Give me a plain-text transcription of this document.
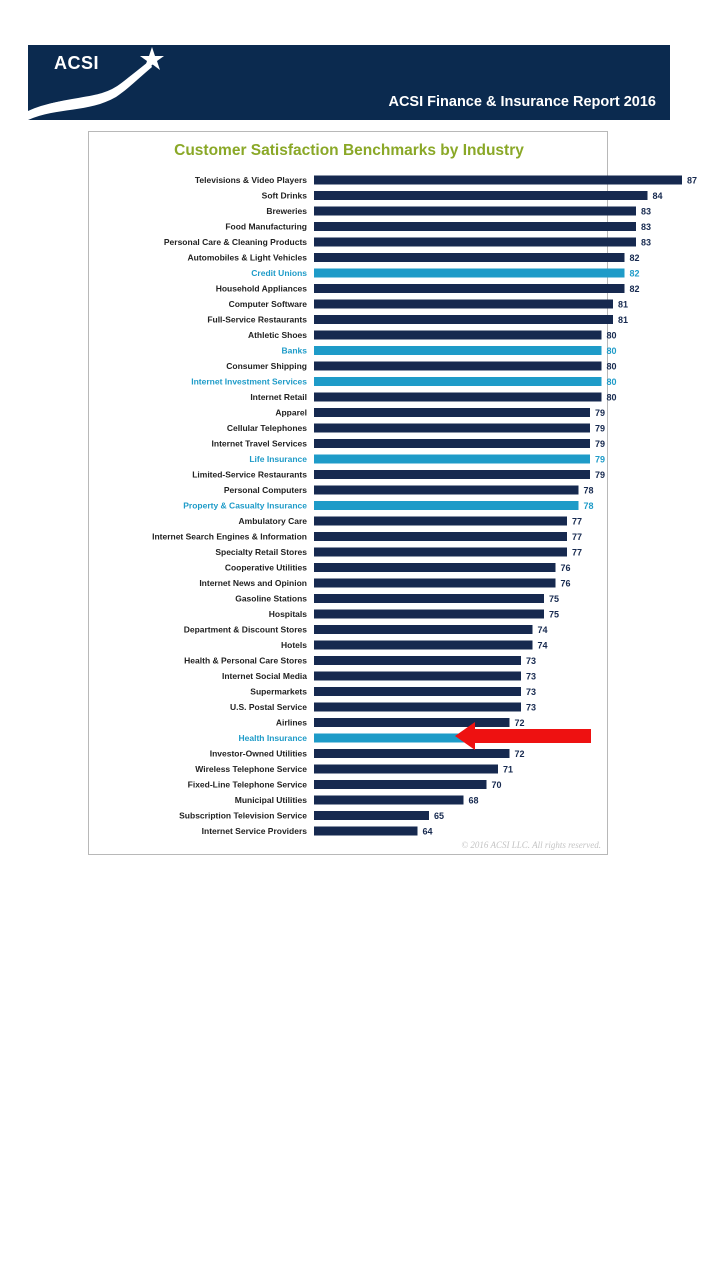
ACSI
ACSI Finance & Insurance Report 2016
Customer Satisfaction Benchmarks by Industry
Televisions & Video Players	87
Soft Drinks	84
Breweries	83
Food Manufacturing	83
Personal Care & Cleaning Products	83
Automobiles & Light Vehicles	82
Credit Unions	82
Household Appliances	82
Computer Software	81
Full-Service Restaurants	81
Athletic Shoes	80
Banks	80
Consumer Shipping	80
Internet Investment Services	80
Internet Retail	80
Apparel	79
Cellular Telephones	79
Internet Travel Services	79
Life Insurance	79
Limited-Service Restaurants	79
Personal Computers	78
Property & Casualty Insurance	78
Ambulatory Care	77
Internet Search Engines & Information	77
Specialty Retail Stores	77
Cooperative Utilities	76
Internet News and Opinion	76
Gasoline Stations	75
Hospitals	75
Department & Discount Stores	74
Hotels	74
Health & Personal Care Stores	73
Internet Social Media	73
Supermarkets	73
U.S. Postal Service	73
Airlines	72
Health Insurance
Investor-Owned Utilities	72
Wireless Telephone Service	71
Fixed-Line Telephone Service	70
Municipal Utilities	68
Subscription Television Service	65
Internet Service Providers	64
© 2016 ACSI LLC. All rights reserved.
